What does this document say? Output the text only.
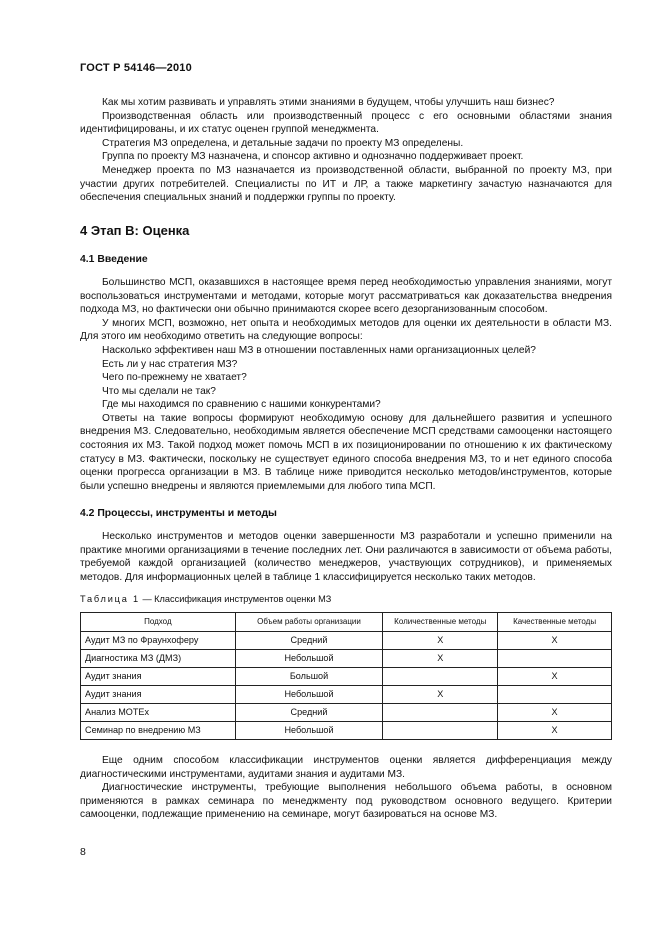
ГОСТ Р 54146—2010

Как мы хотим развивать и управлять этими знаниями в будущем, чтобы улучшить наш бизнес?

Производственная область или производственный процесс с его основными областями знания идентифицированы, и их статус оценен группой менеджмента.

Стратегия МЗ определена, и детальные задачи по проекту МЗ определены.

Группа по проекту МЗ назначена, и спонсор активно и однозначно поддерживает проект.

Менеджер проекта по МЗ назначается из производственной области, выбранной по проекту МЗ, при участии других потребителей. Специалисты по ИТ и ЛР, а также маркетингу зачастую назначаются для обеспечения специальных знаний и поддержки группы по проекту.

4 Этап В: Оценка
4.1 Введение

Большинство МСП, оказавшихся в настоящее время перед необходимостью управления знаниями, могут воспользоваться инструментами и методами, которые могут рассматриваться как доказательства внедрения подхода МЗ, но фактически они обычно принимаются скорее всего дезорганизованным способом.

У многих МСП, возможно, нет опыта и необходимых методов для оценки их деятельности в области МЗ. Для этого им необходимо ответить на следующие вопросы:

Насколько эффективен наш МЗ в отношении поставленных нами организационных целей?

Есть ли у нас стратегия МЗ?

Чего по-прежнему не хватает?

Что мы сделали не так?

Где мы находимся по сравнению с нашими конкурентами?

Ответы на такие вопросы формируют необходимую основу для дальнейшего развития и успешного внедрения МЗ. Следовательно, необходимым является обеспечение МСП средствами самооценки настоящего состояния их МЗ. Такой подход может помочь МСП в их позиционировании по отношению к их фактическому статусу в МЗ. Фактически, поскольку не существует единого способа внедрения МЗ, то и нет единого способа оценки прогресса организации в МЗ. В таблице ниже приводится несколько методов/инструментов, которые были успешно внедрены и являются приемлемыми для любого типа МСП.

4.2 Процессы, инструменты и методы

Несколько инструментов и методов оценки завершенности МЗ разработали и успешно применили на практике многими организациями в течение последних лет. Они различаются в зависимости от объема работы, требуемой каждой организацией (количество менеджеров, участвующих сотрудников), и применяемых методов. Для информационных целей в таблице 1 классифицируется несколько таких методов.

Таблица 1 — Классификация инструментов оценки МЗ
Подход	Объем работы организации	Количественные методы	Качественные методы
Аудит МЗ по Фраунхоферу	Средний	X	X
Диагностика МЗ (ДМЗ)	Небольшой	X	
Аудит знания	Большой		X
Аудит знания	Небольшой	X	
Анализ МОТЕх	Средний		X
Семинар по внедрению МЗ	Небольшой		X

Еще одним способом классификации инструментов оценки является дифференциация между диагностическими инструментами, аудитами знания и аудитами МЗ.

Диагностические инструменты, требующие выполнения небольшого объема работы, в основном применяются в рамках семинара по менеджменту под руководством основного ведущего. Критерии самооценки, подлежащие применению на семинаре, могут базироваться на основе МЗ.

8
